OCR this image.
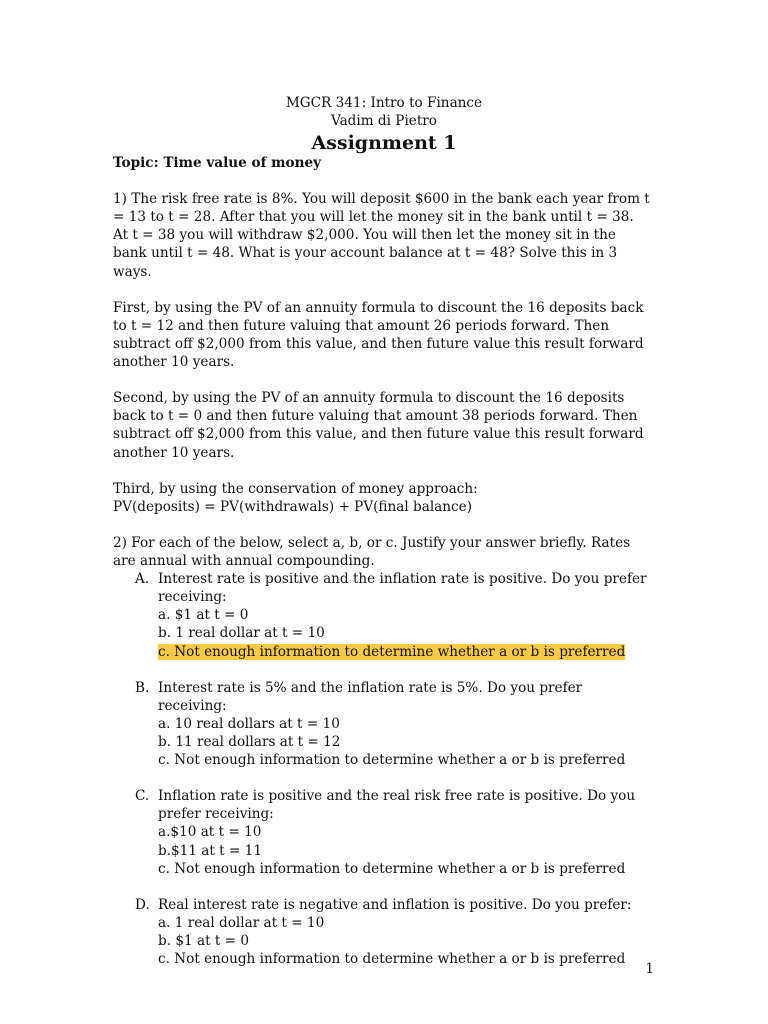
MGCR 341: Intro to Finance
Vadim di Pietro
Assignment 1

Topic: Time value of money

1) The risk free rate is 8%. You will deposit $600 in the bank each year from t = 13 to t = 28. After that you will let the money sit in the bank until t = 38. At t = 38 you will withdraw $2,000. You will then let the money sit in the bank until t = 48. What is your account balance at t = 48? Solve this in 3 ways.

First, by using the PV of an annuity formula to discount the 16 deposits back to t = 12 and then future valuing that amount 26 periods forward. Then subtract off $2,000 from this value, and then future value this result forward another 10 years.

Second, by using the PV of an annuity formula to discount the 16 deposits back to t = 0 and then future valuing that amount 38 periods forward. Then subtract off $2,000 from this value, and then future value this result forward another 10 years.

Third, by using the conservation of money approach:
PV(deposits) = PV(withdrawals) + PV(final balance)

2) For each of the below, select a, b, or c. Justify your answer briefly. Rates are annual with annual compounding.

A. Interest rate is positive and the inflation rate is positive. Do you prefer receiving:
a. $1 at t = 0
b. 1 real dollar at t = 10
c. Not enough information to determine whether a or b is preferred
B. Interest rate is 5% and the inflation rate is 5%. Do you prefer receiving:
a. 10 real dollars at t = 10
b. 11 real dollars at t = 12
c. Not enough information to determine whether a or b is preferred
C. Inflation rate is positive and the real risk free rate is positive. Do you prefer receiving:
a.$10 at t = 10
b.$11 at t = 11
c. Not enough information to determine whether a or b is preferred
D. Real interest rate is negative and inflation is positive. Do you prefer:
a. 1 real dollar at t = 10
b. $1 at t = 0
c. Not enough information to determine whether a or b is preferred
1
